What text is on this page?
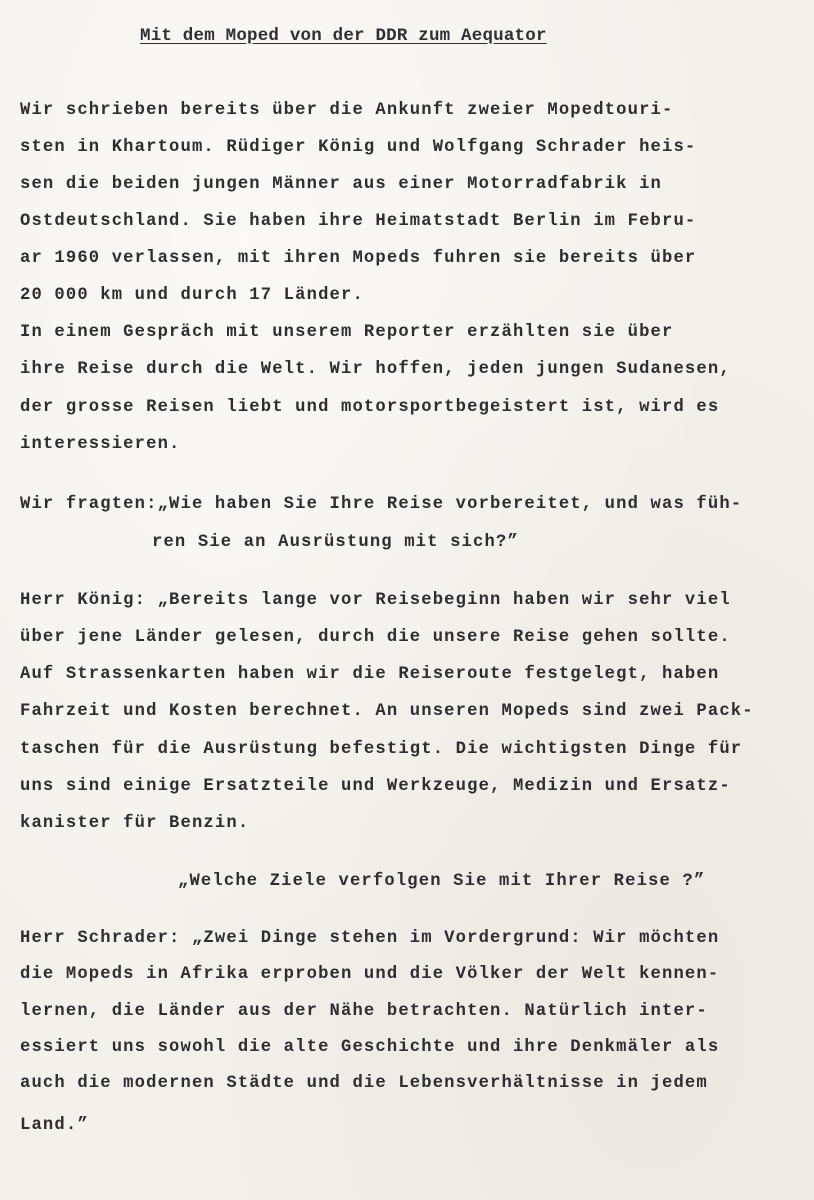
Mit dem Moped von der DDR zum Aequator
Wir schrieben bereits über die Ankunft zweier Mopedtouri-
sten in Khartoum. Rüdiger König und Wolfgang Schrader heis-
sen die beiden jungen Männer aus einer Motorradfabrik in
Ostdeutschland. Sie haben ihre Heimatstadt Berlin im Febru-
ar 1960 verlassen, mit ihren Mopeds fuhren sie bereits über
20 000 km und durch 17 Länder.
In einem Gespräch mit unserem Reporter erzählten sie über
ihre Reise durch die Welt. Wir hoffen, jeden jungen Sudanesen,
der grosse Reisen liebt und motorsportbegeistert ist, wird es
interessieren.
Wir fragten:„Wie haben Sie Ihre Reise vorbereitet, und was füh-
ren Sie an Ausrüstung mit sich?”
Herr König: „Bereits lange vor Reisebeginn haben wir sehr viel
über jene Länder gelesen, durch die unsere Reise gehen sollte.
Auf Strassenkarten haben wir die Reiseroute festgelegt, haben
Fahrzeit und Kosten berechnet. An unseren Mopeds sind zwei Pack-
taschen für die Ausrüstung befestigt. Die wichtigsten Dinge für
uns sind einige Ersatzteile und Werkzeuge, Medizin und Ersatz-
kanister für Benzin.
„Welche Ziele verfolgen Sie mit Ihrer Reise ?”
Herr Schrader: „Zwei Dinge stehen im Vordergrund: Wir möchten
die Mopeds in Afrika erproben und die Völker der Welt kennen-
lernen, die Länder aus der Nähe betrachten. Natürlich inter-
essiert uns sowohl die alte Geschichte und ihre Denkmäler als
auch die modernen Städte und die Lebensverhältnisse in jedem
Land.”
